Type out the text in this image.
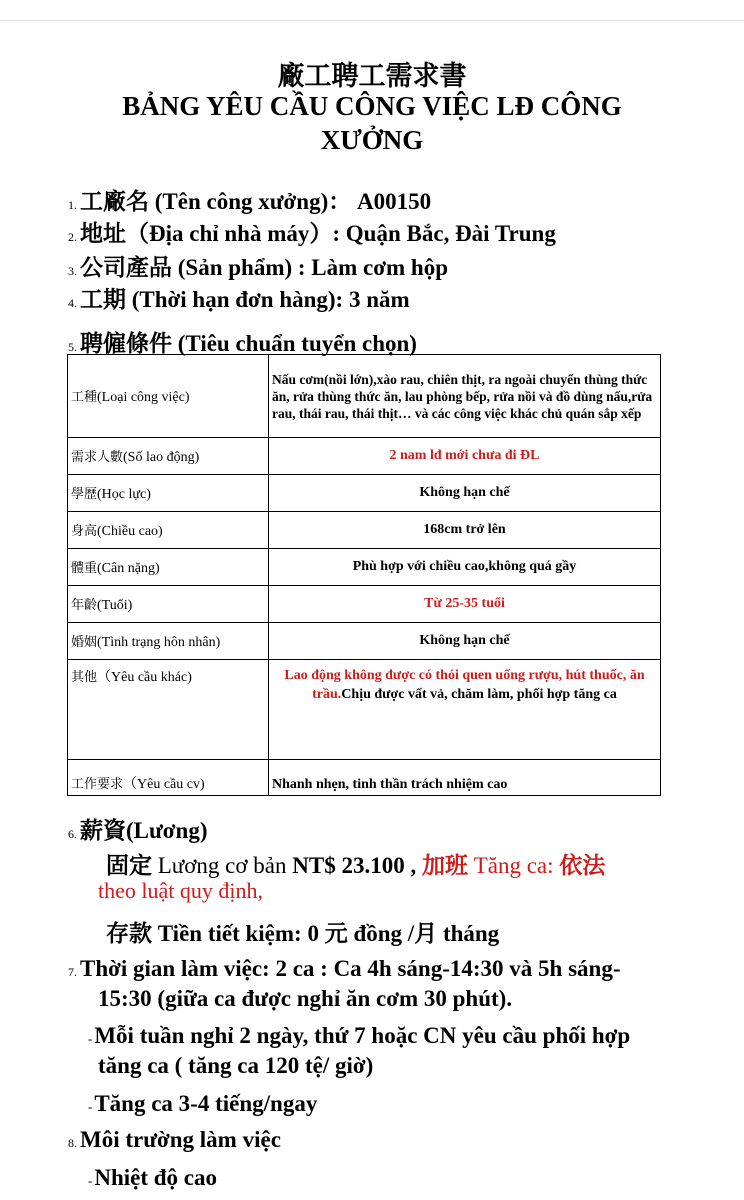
廠工聘工需求書
BẢNG YÊU CẦU CÔNG VIỆC LĐ CÔNG
XƯỞNG
1. 工廠名 (Tên công xưởng)： A00150
2. 地址（Địa chỉ nhà máy）: Quận Bắc, Đài Trung
3. 公司產品 (Sản phẩm) : Làm cơm hộp
4. 工期 (Thời hạn đơn hàng): 3 năm
5. 聘僱條件 (Tiêu chuẩn tuyển chọn)
工種(Loại công việc)	Nấu cơm(nồi lớn),xào rau, chiên thịt, ra ngoài chuyển thùng thức ăn, rửa thùng thức ăn, lau phòng bếp, rửa nồi và đồ dùng nấu,rửa rau, thái rau, thái thịt… và các công việc khác chủ quán sắp xếp
需求人數(Số lao động)	2 nam lđ mới chưa đi ĐL
學歷(Học lực)	Không hạn chế
身高(Chiều cao)	168cm trở lên
體重(Cân nặng)	Phù hợp với chiều cao,không quá gầy
年齡(Tuổi)	Từ 25-35 tuổi
婚姻(Tình trạng hôn nhân)	Không hạn chế
其他（Yêu cầu khác)	Lao động không được có thói quen uống rượu, hút thuốc, ăn trầu.Chịu được vất vả, chăm làm, phối hợp tăng ca
工作要求（Yêu cầu cv)	Nhanh nhẹn, tinh thần trách nhiệm cao
6. 薪資(Lương)
固定 Lương cơ bản NT$ 23.100 , 加班 Tăng ca: 依法
theo luật quy định,
存款 Tiền tiết kiệm: 0 元 đồng /月 tháng
7. Thời gian làm việc: 2 ca : Ca 4h sáng-14:30 và 5h sáng-
15:30 (giữa ca được nghỉ ăn cơm 30 phút).
-Mỗi tuần nghỉ 2 ngày, thứ 7 hoặc CN yêu cầu phối hợp
tăng ca ( tăng ca 120 tệ/ giờ)
-Tăng ca 3-4 tiếng/ngay
8. Môi trường làm việc
-Nhiệt độ cao
